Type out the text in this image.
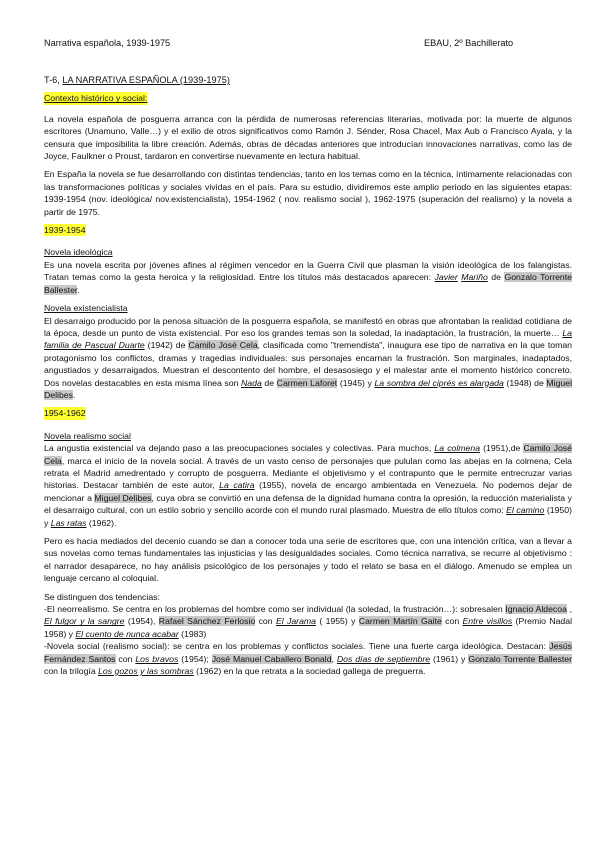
Narrativa española, 1939-1975	EBAU, 2º Bachillerato
T-6, LA NARRATIVA ESPAÑOLA (1939-1975)
Contexto histórico y social:

La novela española de posguerra arranca con la pérdida de numerosas referencias literarias, motivada por: la muerte de algunos escritores (Unamuno, Valle…) y el exilio de otros significativos como Ramón J. Sénder, Rosa Chacel, Max Aub o Francisco Ayala, y la censura que imposibilita la libre creación. Además, obras de décadas anteriores que introducían innovaciones narrativas, como las de Joyce, Faulkner o Proust, tardaron en convertirse nuevamente en lectura habitual.

En España la novela se fue desarrollando con distintas tendencias, tanto en los temas como en la técnica, íntimamente relacionadas con las transformaciones políticas y sociales vividas en el país. Para su estudio, dividiremos este amplio periodo en las siguientes etapas: 1939-1954 (nov. ideológica/ nov.existencialista), 1954-1962 ( nov. realismo social ), 1962-1975 (superación del realismo) y la novela a partir de 1975.

1939-1954
Novela ideológica

Es una novela escrita por jóvenes afines al régimen vencedor en la Guerra Civil que plasman la visión ideológica de los falangistas. Tratan temas como la gesta heroica y la religiosidad. Entre los títulos más destacados aparecen: Javier Mariño de Gonzalo Torrente Ballester.

Novela existencialista

El desarraigo producido por la penosa situación de la posguerra española, se manifestó en obras que afrontaban la realidad cotidiana de la época, desde un punto de vista existencial. Por eso los grandes temas son la soledad, la inadaptación, la frustración, la muerte… La familia de Pascual Duarte (1942) de Camilo José Cela, clasificada como "tremendista", inaugura ese tipo de narrativa en la que toman protagonismo los conflictos, dramas y tragedias individuales: sus personajes encarnan la frustración. Son marginales, inadaptados, angustiados y desarraigados. Muestran el descontento del hombre, el desasosiego y el malestar ante el momento histórico concreto. Dos novelas destacables en esta misma línea son Nada de Carmen Laforet (1945) y La sombra del ciprés es alargada (1948) de Miguel Delibes.

1954-1962
Novela realismo social

La angustia existencial va dejando paso a las preocupaciones sociales y colectivas. Para muchos, La colmena (1951),de Camilo José Cela, marca el inicio de la novela social. A través de un vasto censo de personajes que pululan como las abejas en la colmena, Cela retrata el Madrid amedrentado y corrupto de posguerra. Mediante el objetivismo y el contrapunto que le permite entrecruzar varias historias. Destacar también de este autor, La catira (1955), novela de encargo ambientada en Venezuela. No podemos dejar de mencionar a Miguel Delibes, cuya obra se convirtió en una defensa de la dignidad humana contra la opresión, la reducción materialista y el desarraigo cultural, con un estilo sobrio y sencillo acorde con el mundo rural plasmado. Muestra de ello títulos como: El camino (1950) y Las ratas (1962).

Pero es hacia mediados del decenio cuando se dan a conocer toda una serie de escritores que, con una intención crítica, van a llevar a sus novelas como temas fundamentales las injusticias y las desigualdades sociales. Como técnica narrativa, se recurre al objetivismo : el narrador desaparece, no hay análisis psicológico de los personajes y todo el relato se basa en el diálogo. Amenudo se emplea un lenguaje cercano al coloquial.

Se distinguen dos tendencias:
-El neorrealismo. Se centra en los problemas del hombre como ser individual (la soledad, la frustración…): sobresalen Ignacio Aldecoa , El fulgor y la sangre (1954), Rafael Sánchez Ferlosio con El Jarama ( 1955) y Carmen Martín Gaite con Entre visillos (Premio Nadal 1958) y El cuento de nunca acabar (1983)
-Novela social (realismo social): se centra en los problemas y conflictos sociales. Tiene una fuerte carga ideológica. Destacan: Jesús Fernández Santos con Los bravos (1954); José Manuel Caballero Bonald, Dos días de septiembre (1961) y Gonzalo Torrente Ballester con la trilogía Los gozos y las sombras (1962) en la que retrata a la sociedad gallega de preguerra.
